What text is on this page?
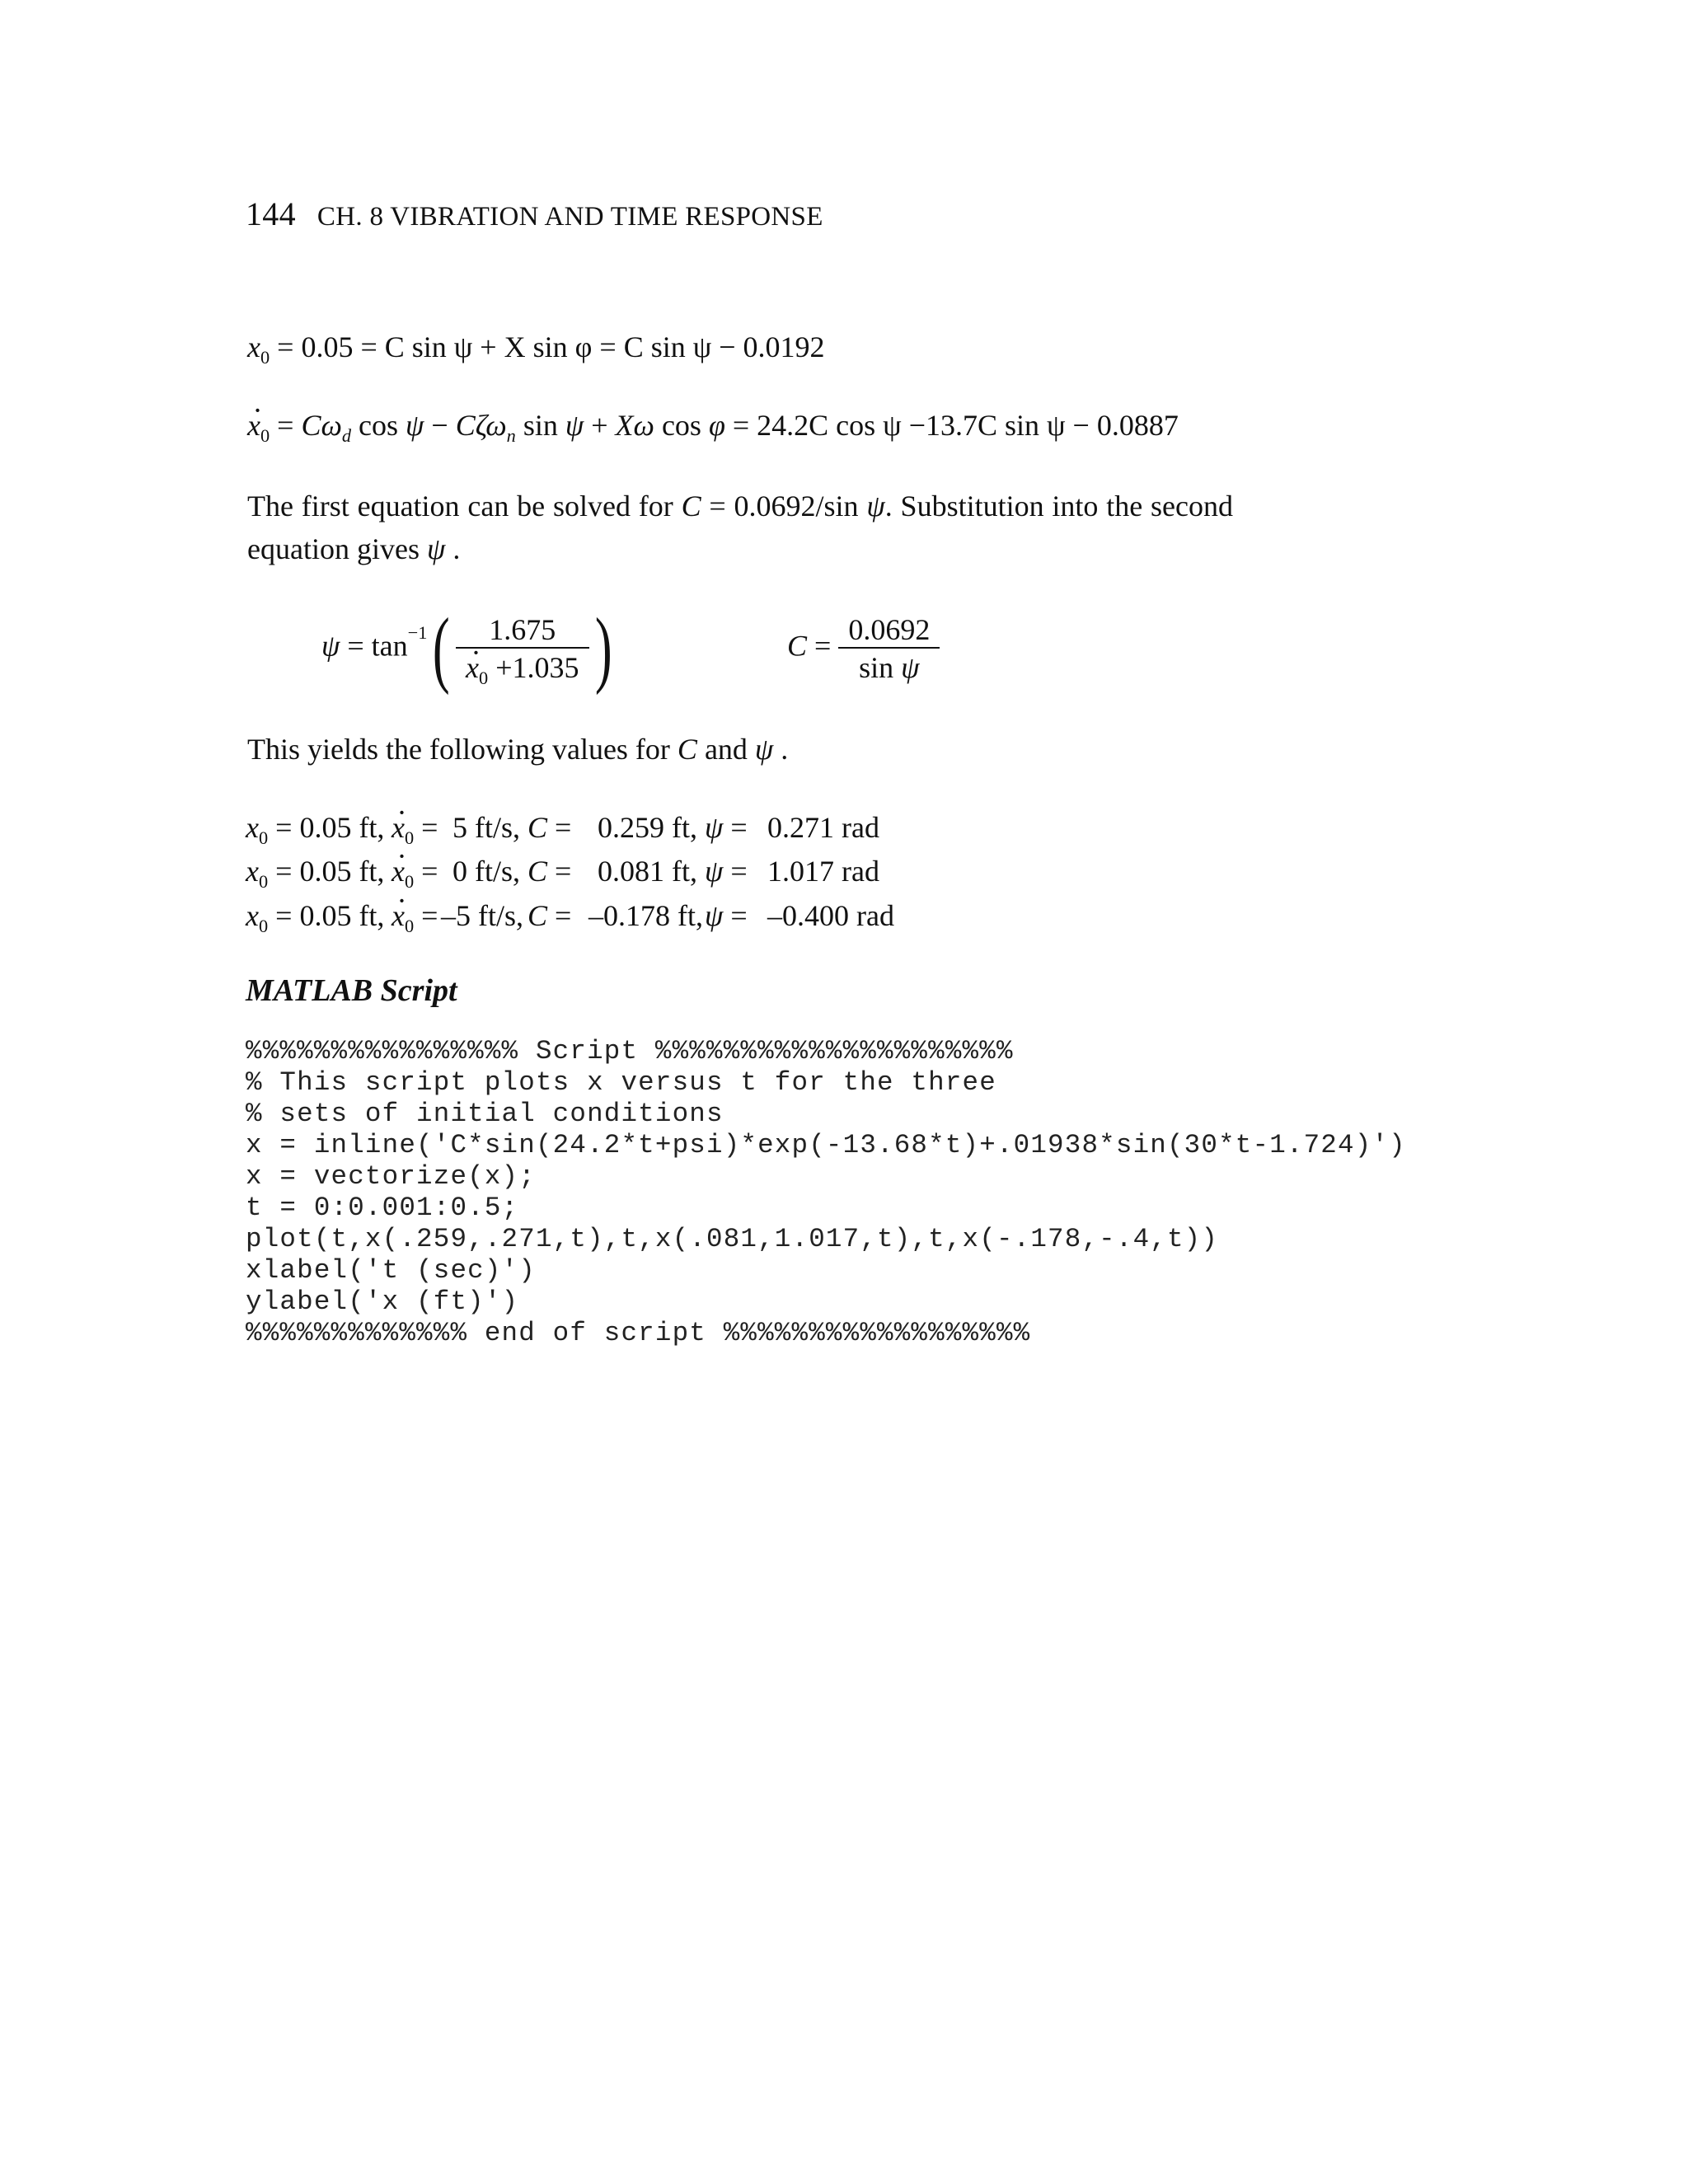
144 CH. 8 VIBRATION AND TIME RESPONSE
$x_0 = 0.05 = C$ sin ψ + X sin φ = C sin ψ − 0.0192
· $x_0 = C\omega_d$ cos ψ − Cζω$_n$ sin ψ + Xω cos φ = 24.2C cos ψ −13.7C sin ψ − 0.0887
The first equation can be solved for C = 0.0692/sin ψ. Substitution into the second equation gives ψ .
$\psi = \tan^{-1}$( 1.675
· $x_0 +1.035$ )	$C = \frac{0.0692}{\text{sin ψ}}$
This yields the following values for C and ψ .
$x_0 = 0.05$ $ft,\cdot x_0 = 5$ ft/s, C = 0.259 ft, ψ = 0.271 rad
$x_0 = 0.05$ $ft,\cdot x_0 = 0$ ft/s, C = 0.081 ft, ψ = 1.017 rad
$x_0 = 0.05$ $ft,\cdot x_0 =-5$ ft/s, C = –0.178 ft, ψ = –0.400 rad
MATLAB Script
%%%%%%%%%%%%%%%% Script %%%%%%%%%%%%%%%%%%%%%
% This script plots x versus t for the three
% sets of initial conditions
x = inline('C*sin(24.2*t+psi)*exp(-13.68*t)+.01938*sin(30*t-1.724)')
x = vectorize(x);
t = 0:0.001:0.5;
plot(t,x(.259,.271,t),t,x(.081,1.017,t),t,x(-.178,-.4,t))
xlabel('t (sec)')
ylabel('x (ft)')
%%%%%%%%%%%%% end of script %%%%%%%%%%%%%%%%%%
